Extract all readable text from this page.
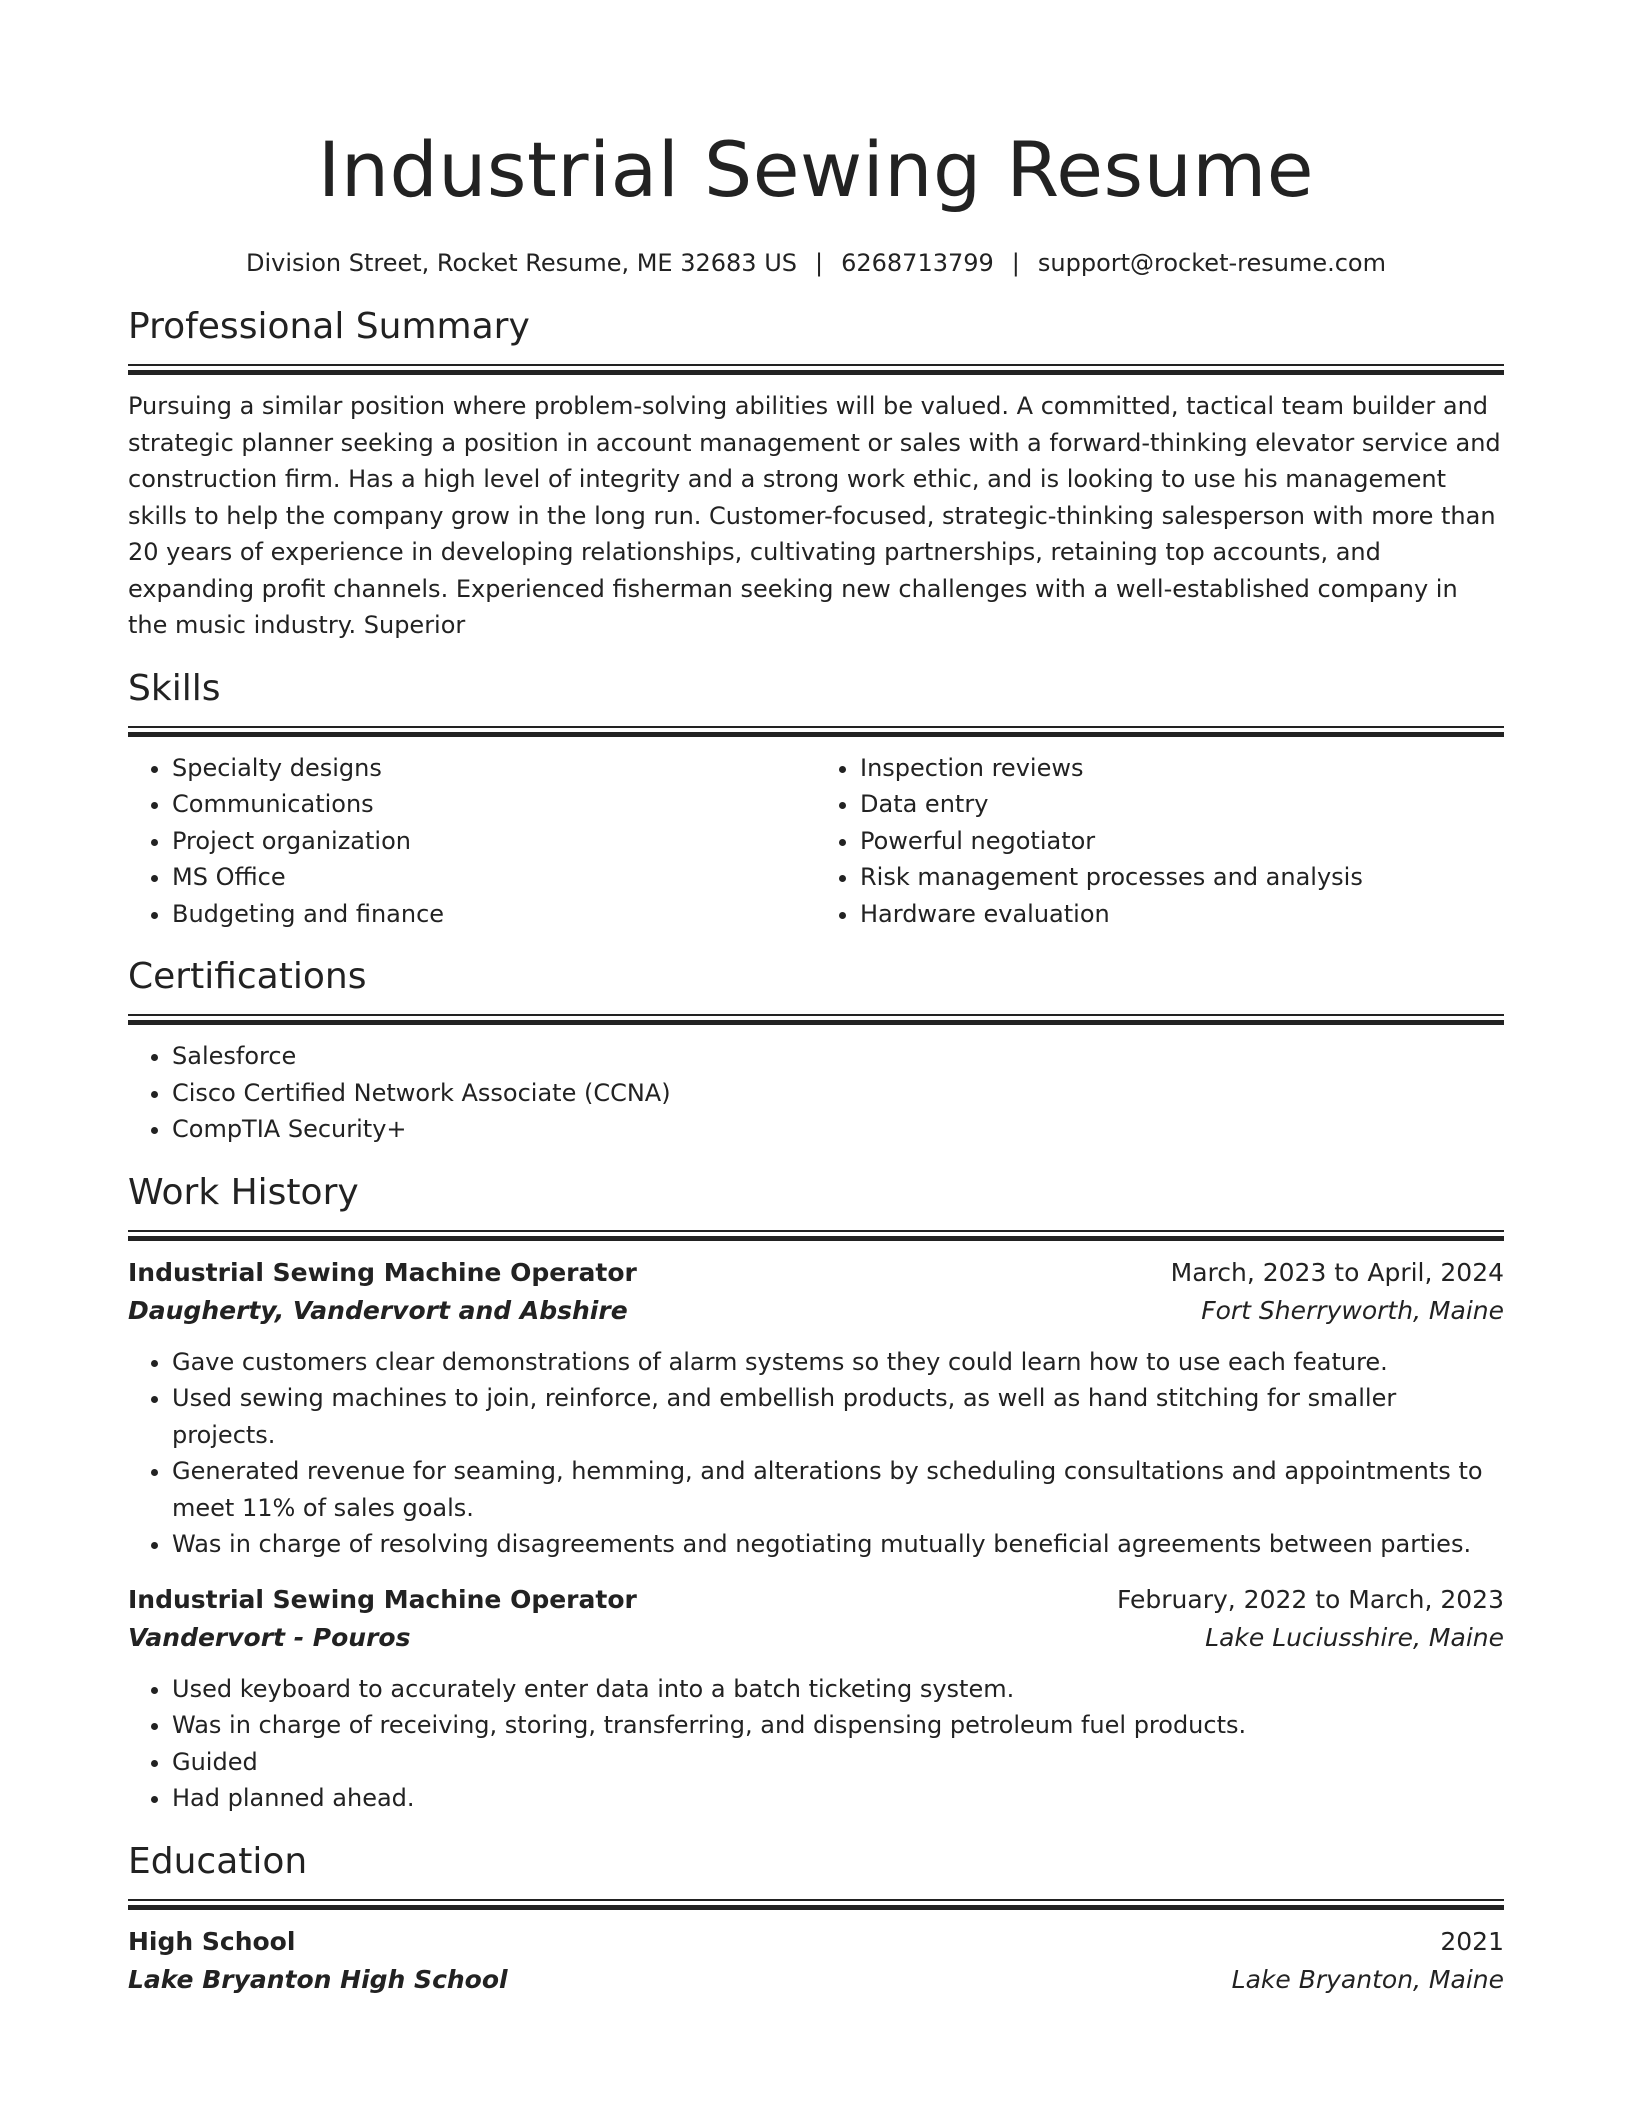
Industrial Sewing Resume
Division Street, Rocket Resume, ME 32683 US | 6268713799 | support@rocket-resume.com
Professional Summary
Pursuing a similar position where problem-solving abilities will be valued. A committed, tactical team builder and strategic planner seeking a position in account management or sales with a forward-thinking elevator service and construction firm. Has a high level of integrity and a strong work ethic, and is looking to use his management skills to help the company grow in the long run. Customer-focused, strategic-thinking salesperson with more than 20 years of experience in developing relationships, cultivating partnerships, retaining top accounts, and expanding profit channels. Experienced fisherman seeking new challenges with a well-established company in the music industry. Superior
Skills
• Specialty designs
• Communications
• Project organization
• MS Office
• Budgeting and finance
• Inspection reviews
• Data entry
• Powerful negotiator
• Risk management processes and analysis
• Hardware evaluation
Certifications
• Salesforce
• Cisco Certified Network Associate (CCNA)
• CompTIA Security+
Work History
Industrial Sewing Machine Operator	March, 2023 to April, 2024
Daugherty, Vandervort and Abshire	Fort Sherryworth, Maine
• Gave customers clear demonstrations of alarm systems so they could learn how to use each feature.
• Used sewing machines to join, reinforce, and embellish products, as well as hand stitching for smaller projects.
• Generated revenue for seaming, hemming, and alterations by scheduling consultations and appointments to meet 11% of sales goals.
• Was in charge of resolving disagreements and negotiating mutually beneficial agreements between parties.
Industrial Sewing Machine Operator	February, 2022 to March, 2023
Vandervort - Pouros	Lake Luciusshire, Maine
• Used keyboard to accurately enter data into a batch ticketing system.
• Was in charge of receiving, storing, transferring, and dispensing petroleum fuel products.
• Guided
• Had planned ahead.
Education
High School	2021
Lake Bryanton High School	Lake Bryanton, Maine
